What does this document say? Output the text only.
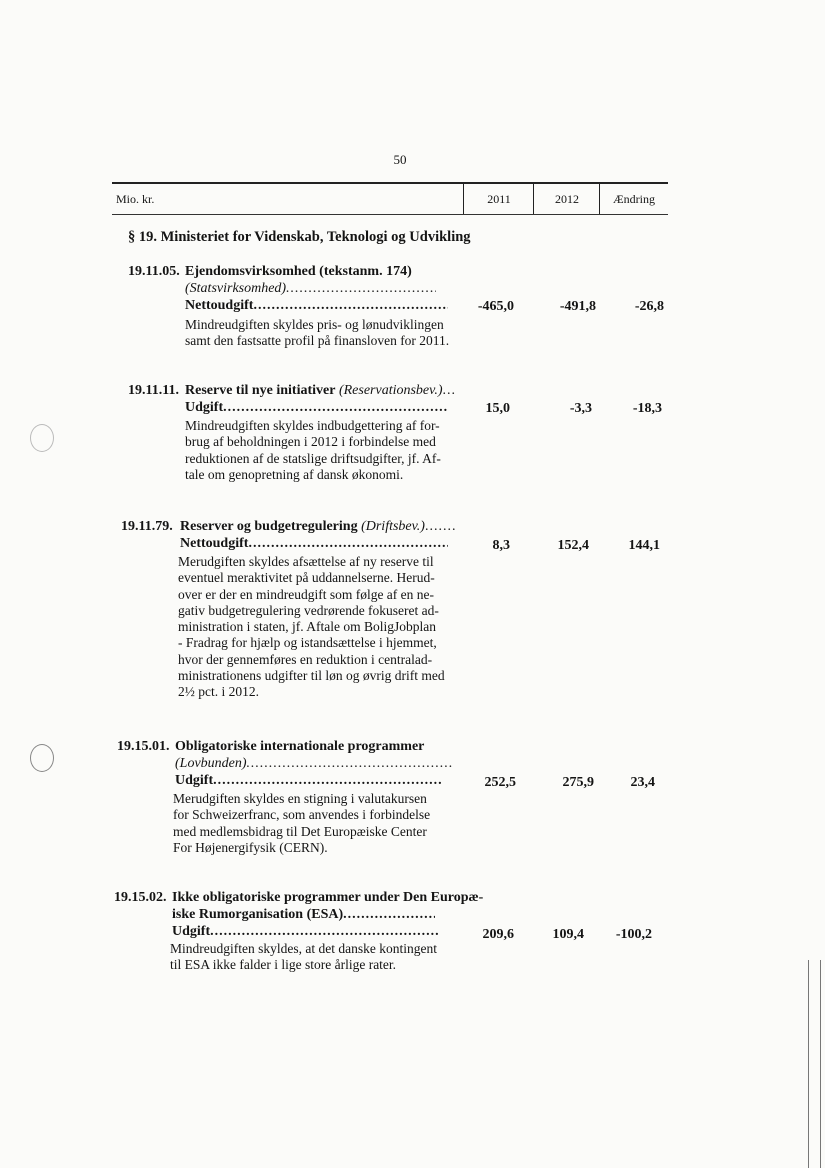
50
Mio. kr.	2011	2012	Ændring
§ 19. Ministeriet for Videnskab, Teknologi og Udvikling
19.11.05. Ejendomsvirksomhed (tekstanm. 174)
(Statsvirksomhed).....
Nettoudgift .....	-465,0	-491,8	-26,8
Mindreudgiften skyldes pris- og lønudviklingen
samt den fastsatte profil på finansloven for 2011.
19.11.11. Reserve til nye initiativer (Reservationsbev.).....
Udgift .....	15,0	-3,3	-18,3
Mindreudgiften skyldes indbudgettering af for-
brug af beholdningen i 2012 i forbindelse med
reduktionen af de statslige driftsudgifter, jf. Af-
tale om genopretning af dansk økonomi.
19.11.79. Reserver og budgetregulering (Driftsbev.).....
Nettoudgift .....	8,3	152,4	144,1
Merudgiften skyldes afsættelse af ny reserve til
eventuel meraktivitet på uddannelserne. Herud-
over er der en mindreudgift som følge af en ne-
gativ budgetregulering vedrørende fokuseret ad-
ministration i staten, jf. Aftale om BoligJobplan
- Fradrag for hjælp og istandsættelse i hjemmet,
hvor der gennemføres en reduktion i centralad-
ministrationens udgifter til løn og øvrig drift med
2½ pct. i 2012.
19.15.01. Obligatoriske internationale programmer
(Lovbunden).....
Udgift .....	252,5	275,9	23,4
Merudgiften skyldes en stigning i valutakursen
for Schweizerfranc, som anvendes i forbindelse
med medlemsbidrag til Det Europæiske Center
For Højenergifysik (CERN).
19.15.02. Ikke obligatoriske programmer under Den Europæ-
iske Rumorganisation (ESA).....
Udgift .....	209,6	109,4	-100,2
Mindreudgiften skyldes, at det danske kontingent
til ESA ikke falder i lige store årlige rater.
